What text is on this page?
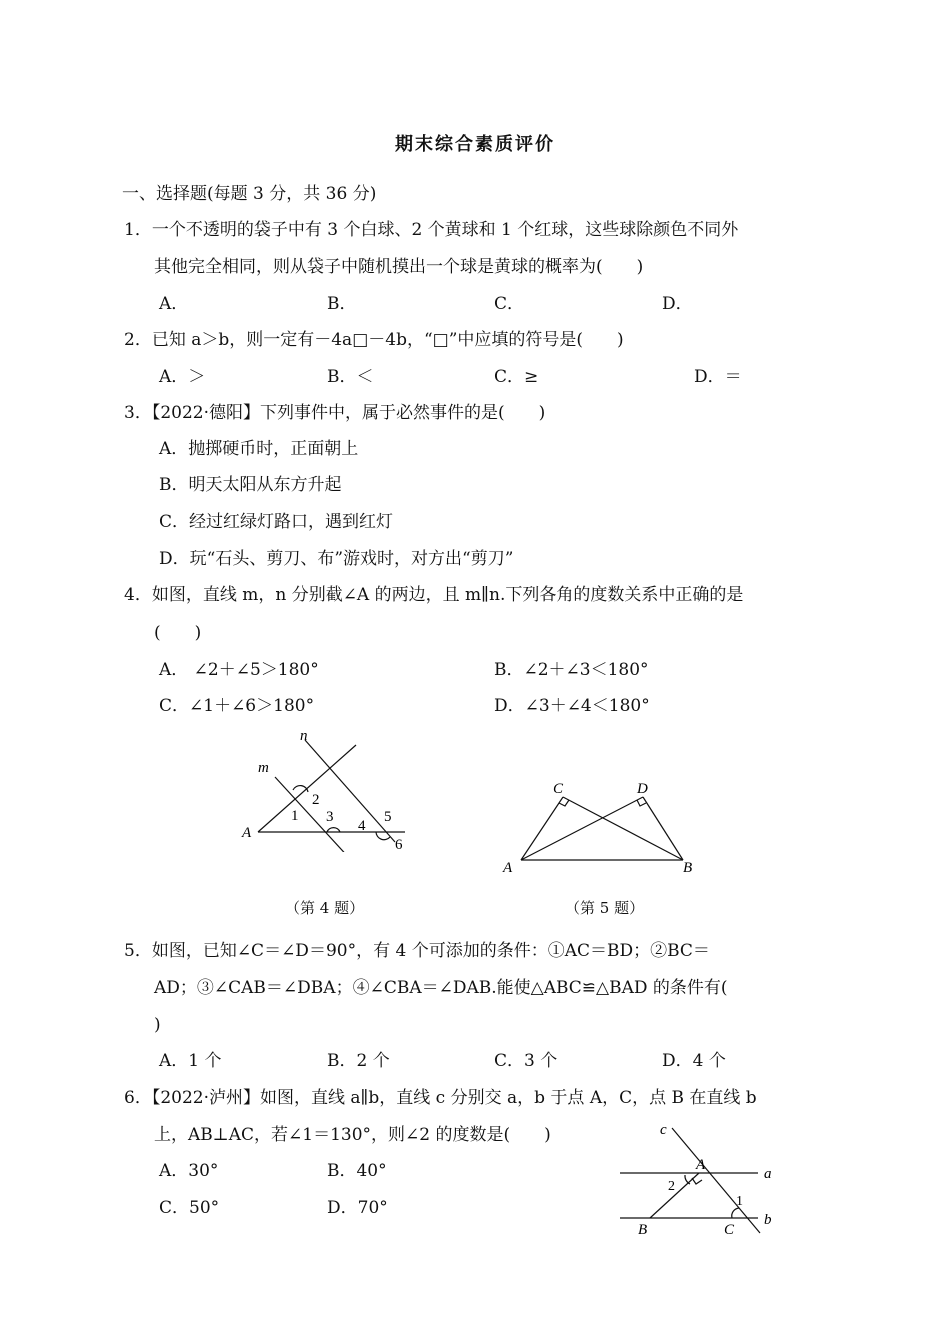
期末综合素质评价
一、选择题(每题 3 分，共 36 分)
1．一个不透明的袋子中有 3 个白球、2 个黄球和 1 个红球，这些球除颜色不同外
其他完全相同，则从袋子中随机摸出一个球是黄球的概率为(　　)
A．	B．	C．	D．
2．已知 a＞b，则一定有－4a□－4b，“□”中应填的符号是(　　)
A．＞	B．＜	C．≥	D．＝
3．【2022·德阳】下列事件中，属于必然事件的是(　　)
A．抛掷硬币时，正面朝上
B．明天太阳从东方升起
C．经过红绿灯路口，遇到红灯
D．玩“石头、剪刀、布”游戏时，对方出“剪刀”
4．如图，直线 m，n 分别截∠A 的两边，且 m∥n.下列各角的度数关系中正确的是
(　　)
A． ∠2＋∠5＞180°	B．∠2＋∠3＜180°
C．∠1＋∠6＞180°	D．∠3＋∠4＜180°
m
n
A
1
2
3
4
5
6
（第 4 题）
A	B
C	D
（第 5 题）
5．如图，已知∠C＝∠D＝90°，有 4 个可添加的条件：①AC＝BD；②BC＝
AD；③∠CAB＝∠DBA；④∠CBA＝∠DAB.能使△ABC≌△BAD 的条件有(
)
A．1 个	B．2 个	C．3 个	D．4 个
6．【2022·泸州】如图，直线 a∥b，直线 c 分别交 a，b 于点 A，C，点 B 在直线 b
上，AB⊥AC，若∠1＝130°，则∠2 的度数是(　　)
A．30°	B．40°
C．50°	D．70°
a
b
c
A
B	C
1
2
